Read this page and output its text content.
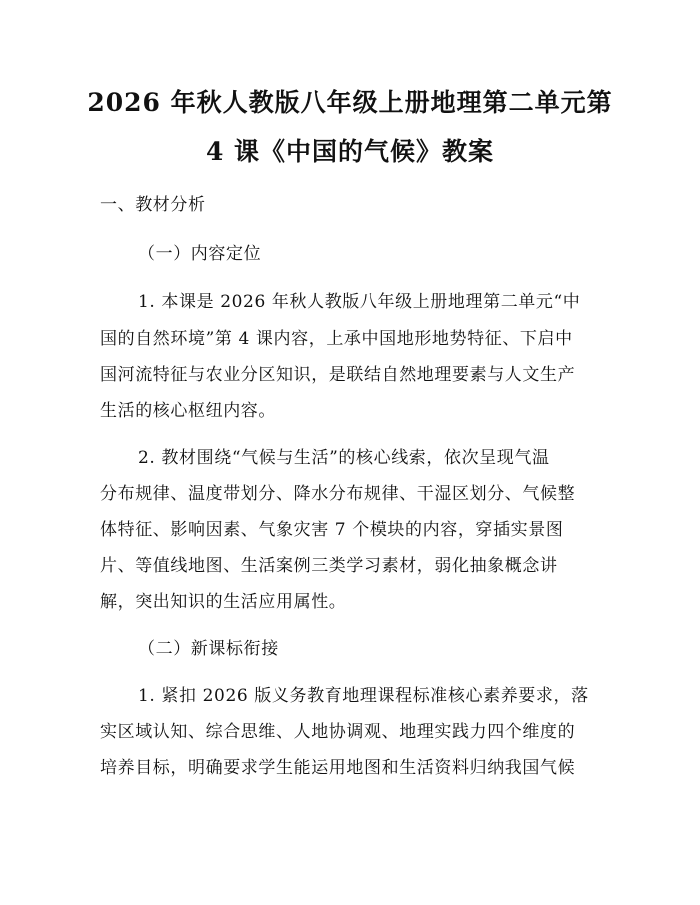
2026 年秋人教版八年级上册地理第二单元第
4 课《中国的气候》教案
一、教材分析
（一）内容定位
1. 本课是 2026 年秋人教版八年级上册地理第二单元“中
国的自然环境”第 4 课内容，上承中国地形地势特征、下启中
国河流特征与农业分区知识，是联结自然地理要素与人文生产
生活的核心枢纽内容。
2. 教材围绕“气候与生活”的核心线索，依次呈现气温
分布规律、温度带划分、降水分布规律、干湿区划分、气候整
体特征、影响因素、气象灾害 7 个模块的内容，穿插实景图
片、等值线地图、生活案例三类学习素材，弱化抽象概念讲
解，突出知识的生活应用属性。
（二）新课标衔接
1. 紧扣 2026 版义务教育地理课程标准核心素养要求，落
实区域认知、综合思维、人地协调观、地理实践力四个维度的
培养目标，明确要求学生能运用地图和生活资料归纳我国气候
